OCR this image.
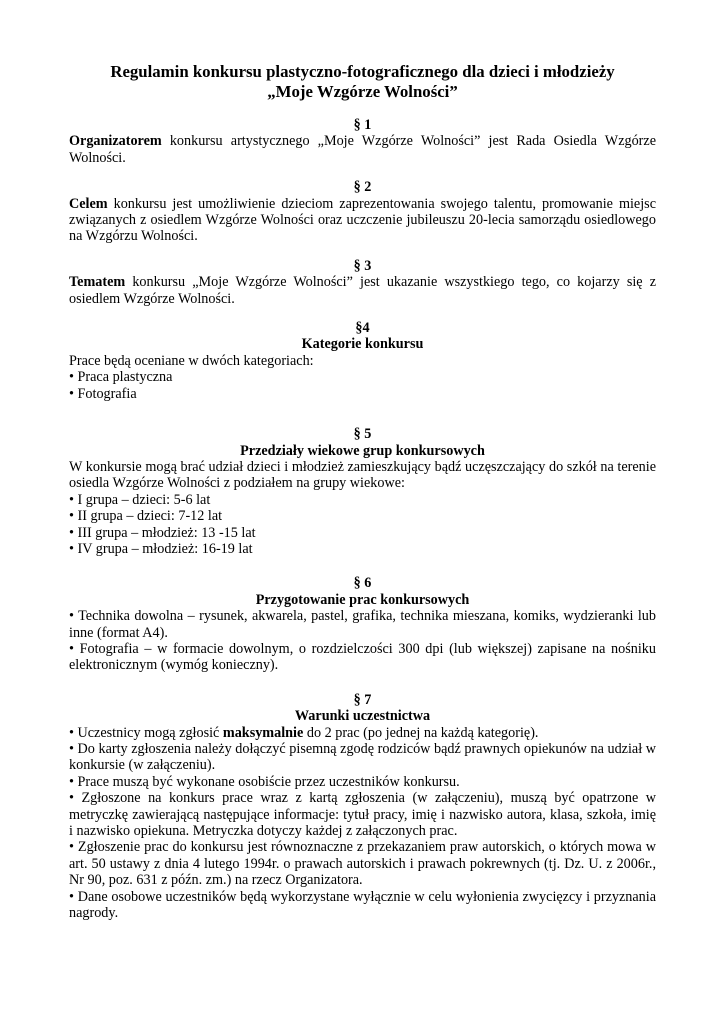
Regulamin konkursu plastyczno-fotograficznego dla dzieci i młodzieży
„Moje Wzgórze Wolności”
§ 1

Organizatorem konkursu artystycznego „Moje Wzgórze Wolności” jest Rada Osiedla Wzgórze Wolności.

§ 2

Celem konkursu jest umożliwienie dzieciom zaprezentowania swojego talentu, promowanie miejsc związanych z osiedlem Wzgórze Wolności oraz uczczenie jubileuszu 20-lecia samorządu osiedlowego na Wzgórzu Wolności.

§ 3

Tematem konkursu „Moje Wzgórze Wolności” jest ukazanie wszystkiego tego, co kojarzy się z osiedlem Wzgórze Wolności.

§4
Kategorie konkursu

Prace będą oceniane w dwóch kategoriach:

• Praca plastyczna
• Fotografia
§ 5
Przedziały wiekowe grup konkursowych

W konkursie mogą brać udział dzieci i młodzież zamieszkujący bądź uczęszczający do szkół na terenie osiedla Wzgórze Wolności z podziałem na grupy wiekowe:

• I grupa – dzieci: 5-6 lat
• II grupa – dzieci: 7-12 lat
• III grupa – młodzież: 13 -15 lat
• IV grupa – młodzież: 16-19 lat
§ 6
Przygotowanie prac konkursowych
• Technika dowolna – rysunek, akwarela, pastel, grafika, technika mieszana, komiks, wydzieranki lub inne (format A4).
• Fotografia – w formacie dowolnym, o rozdzielczości 300 dpi (lub większej) zapisane na nośniku elektronicznym (wymóg konieczny).
§ 7
Warunki uczestnictwa
• Uczestnicy mogą zgłosić maksymalnie do 2 prac (po jednej na każdą kategorię).
• Do karty zgłoszenia należy dołączyć pisemną zgodę rodziców bądź prawnych opiekunów na udział w konkursie (w załączeniu).
• Prace muszą być wykonane osobiście przez uczestników konkursu.
• Zgłoszone na konkurs prace wraz z kartą zgłoszenia (w załączeniu), muszą być opatrzone w metryczkę zawierającą następujące informacje: tytuł pracy, imię i nazwisko autora, klasa, szkoła, imię i nazwisko opiekuna. Metryczka dotyczy każdej z załączonych prac.
• Zgłoszenie prac do konkursu jest równoznaczne z przekazaniem praw autorskich, o których mowa w art. 50 ustawy z dnia 4 lutego 1994r. o prawach autorskich i prawach pokrewnych (tj. Dz. U. z 2006r., Nr 90, poz. 631 z późn. zm.) na rzecz Organizatora.
• Dane osobowe uczestników będą wykorzystane wyłącznie w celu wyłonienia zwycięzcy i przyznania nagrody.
